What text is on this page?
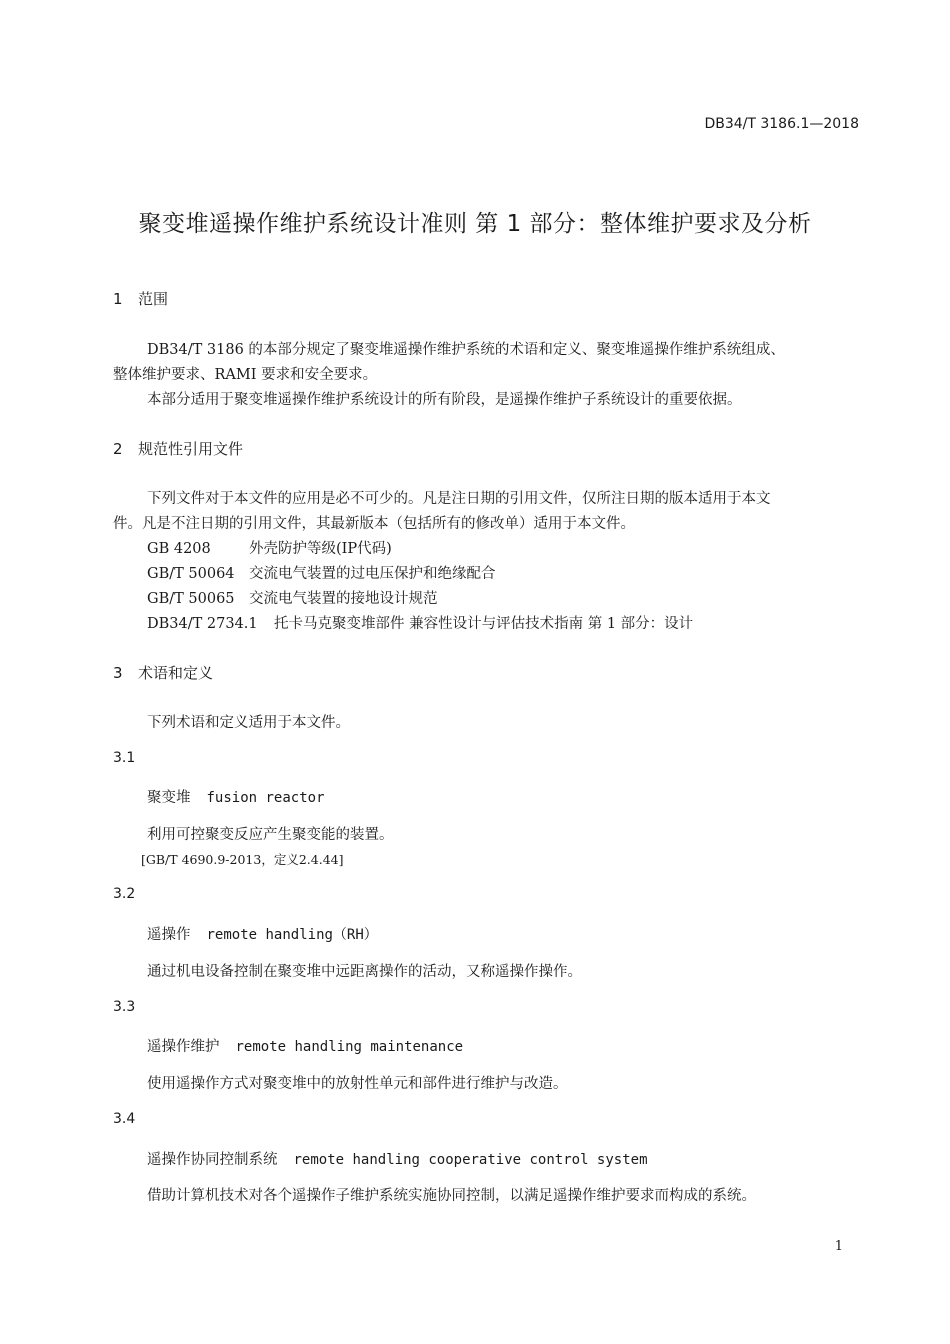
DB34/T 3186.1—2018
聚变堆遥操作维护系统设计准则 第 1 部分：整体维护要求及分析
1 范围
DB34/T 3186 的本部分规定了聚变堆遥操作维护系统的术语和定义、聚变堆遥操作维护系统组成、
整体维护要求、RAMI 要求和安全要求。
本部分适用于聚变堆遥操作维护系统设计的所有阶段，是遥操作维护子系统设计的重要依据。
2 规范性引用文件
下列文件对于本文件的应用是必不可少的。凡是注日期的引用文件，仅所注日期的版本适用于本文
件。凡是不注日期的引用文件，其最新版本（包括所有的修改单）适用于本文件。
GB 4208	外壳防护等级(IP代码)
GB/T 50064 交流电气装置的过电压保护和绝缘配合
GB/T 50065 交流电气装置的接地设计规范
DB34/T 2734.1 托卡马克聚变堆部件 兼容性设计与评估技术指南 第 1 部分：设计
3 术语和定义
下列术语和定义适用于本文件。
3.1
聚变堆 fusion reactor
利用可控聚变反应产生聚变能的装置。
[GB/T 4690.9-2013，定义2.4.44]
3.2
遥操作 remote handling（RH）
通过机电设备控制在聚变堆中远距离操作的活动，又称遥操作操作。
3.3
遥操作维护 remote handling maintenance
使用遥操作方式对聚变堆中的放射性单元和部件进行维护与改造。
3.4
遥操作协同控制系统 remote handling cooperative control system
借助计算机技术对各个遥操作子维护系统实施协同控制，以满足遥操作维护要求而构成的系统。
1
